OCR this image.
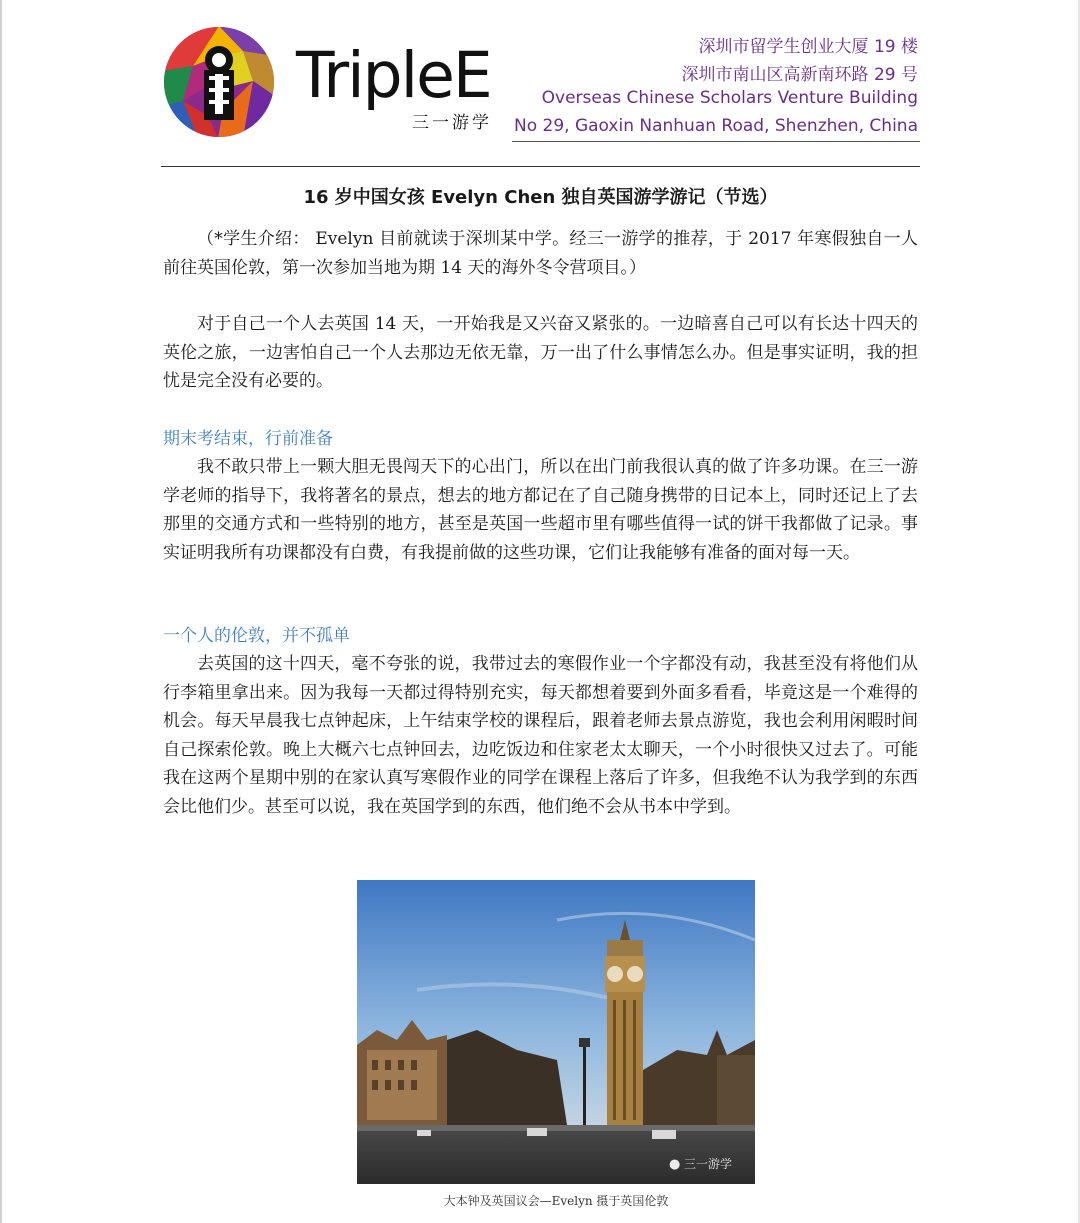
TripleE
三一游学
深圳市留学生创业大厦 19 楼
深圳市南山区高新南环路 29 号
Overseas Chinese Scholars Venture Building
No 29, Gaoxin Nanhuan Road, Shenzhen, China
16 岁中国女孩 Evelyn Chen 独自英国游学游记（节选）

（*学生介绍： Evelyn 目前就读于深圳某中学。经三一游学的推荐，于 2017 年寒假独自一人前往英国伦敦，第一次参加当地为期 14 天的海外冬令营项目。）

对于自己一个人去英国 14 天，一开始我是又兴奋又紧张的。一边暗喜自己可以有长达十四天的英伦之旅，一边害怕自己一个人去那边无依无靠，万一出了什么事情怎么办。但是事实证明，我的担忧是完全没有必要的。

期末考结束，行前准备

我不敢只带上一颗大胆无畏闯天下的心出门，所以在出门前我很认真的做了许多功课。在三一游学老师的指导下，我将著名的景点，想去的地方都记在了自己随身携带的日记本上，同时还记上了去那里的交通方式和一些特别的地方，甚至是英国一些超市里有哪些值得一试的饼干我都做了记录。事实证明我所有功课都没有白费，有我提前做的这些功课，它们让我能够有准备的面对每一天。

一个人的伦敦，并不孤单

去英国的这十四天，毫不夸张的说，我带过去的寒假作业一个字都没有动，我甚至没有将他们从行李箱里拿出来。因为我每一天都过得特别充实，每天都想着要到外面多看看，毕竟这是一个难得的机会。每天早晨我七点钟起床，上午结束学校的课程后，跟着老师去景点游览，我也会利用闲暇时间自己探索伦敦。晚上大概六七点钟回去，边吃饭边和住家老太太聊天，一个小时很快又过去了。可能我在这两个星期中别的在家认真写寒假作业的同学在课程上落后了许多，但我绝不认为我学到的东西会比他们少。甚至可以说，我在英国学到的东西，他们绝不会从书本中学到。

● 三一游学
大本钟及英国议会—Evelyn 摄于英国伦敦
